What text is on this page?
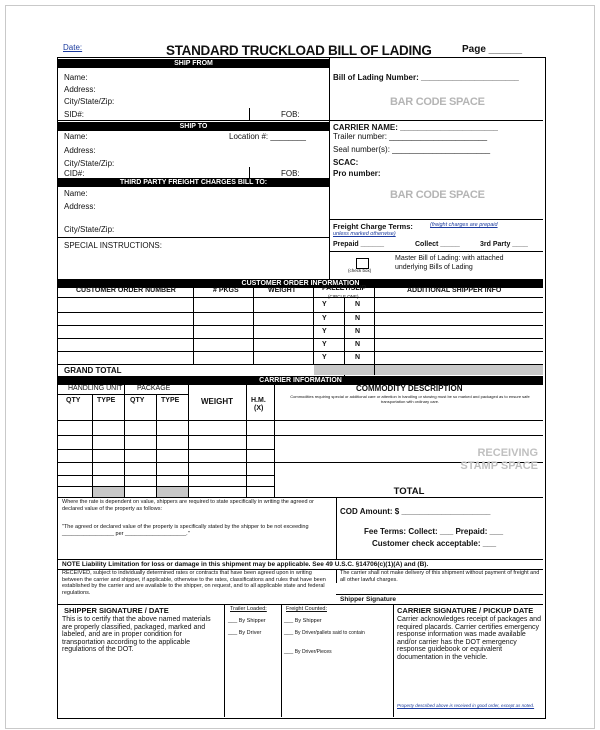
Date:	STANDARD TRUCKLOAD BILL OF LADING	Page ______
SHIP FROM
Name:
Address:
City/State/Zip:
SID#:	FOB:
SHIP TO
Name:	Location #: ________
Address:
City/State/Zip:
CID#:	FOB:
THIRD PARTY FREIGHT CHARGES BILL TO:
Name:
Address:
City/State/Zip:
SPECIAL INSTRUCTIONS:
Bill of Lading Number: ______________________
BAR CODE SPACE
CARRIER NAME: ______________________
Trailer number: ______________________
Seal number(s): ______________________
SCAC:
Pro number:
BAR CODE SPACE
Freight Charge Terms:	(freight charges are prepaid
unless marked otherwise)
Prepaid ______	Collect _____	3rd Party ____
(check box)
Master Bill of Lading: with attached
underlying Bills of Lading
CUSTOMER ORDER INFORMATION
CUSTOMER ORDER NUMBER	# PKGS	WEIGHT	PALLET/SLIP
(CIRCLE ONE)
ADDITIONAL SHIPPER INFO
Y	N
Y	N
Y	N
Y	N
Y	N
GRAND TOTAL
CARRIER INFORMATION
HANDLING UNIT PACKAGE
QTY TYPE QTY TYPE	WEIGHT	H.M.
(X)
COMMODITY DESCRIPTION
Commodities requiring special or additional care or attention in handling or stowing must be so marked and packaged as to ensure safe transportation with ordinary care.
RECEIVING
STAMP SPACE
TOTAL
Where the rate is dependent on value, shippers are required to state specifically in writing the agreed or declared value of the property as follows:
"The agreed or declared value of the property is specifically stated by the shipper to be not exceeding _________________ per ____________________."
COD Amount: $ ____________________
Fee Terms: Collect: ___ Prepaid: ___
Customer check acceptable: ___
NOTE Liability Limitation for loss or damage in this shipment may be applicable. See 49 U.S.C. §14706(c)(1)(A) and (B).
RECEIVED, subject to individually determined rates or contracts that have been agreed upon in writing between the carrier and shipper, if applicable, otherwise to the rates, classifications and rules that have been established by the carrier and are available to the shipper, on request, and to all applicable state and federal regulations.
The carrier shall not make delivery of this shipment without payment of freight and all other lawful charges.
Shipper Signature
SHIPPER SIGNATURE / DATE
This is to certify that the above named materials are properly classified, packaged, marked and labeled, and are in proper condition for transportation according to the applicable regulations of the DOT.
Trailer Loaded:
___ By Shipper
___ By Driver
Freight Counted:
___ By Shipper
___ By Driver/pallets said to contain
___ By Driver/Pieces
CARRIER SIGNATURE / PICKUP DATE
Carrier acknowledges receipt of packages and required placards. Carrier certifies emergency response information was made available and/or carrier has the DOT emergency response guidebook or equivalent documentation in the vehicle.
Property described above is received in good order, except as noted.
